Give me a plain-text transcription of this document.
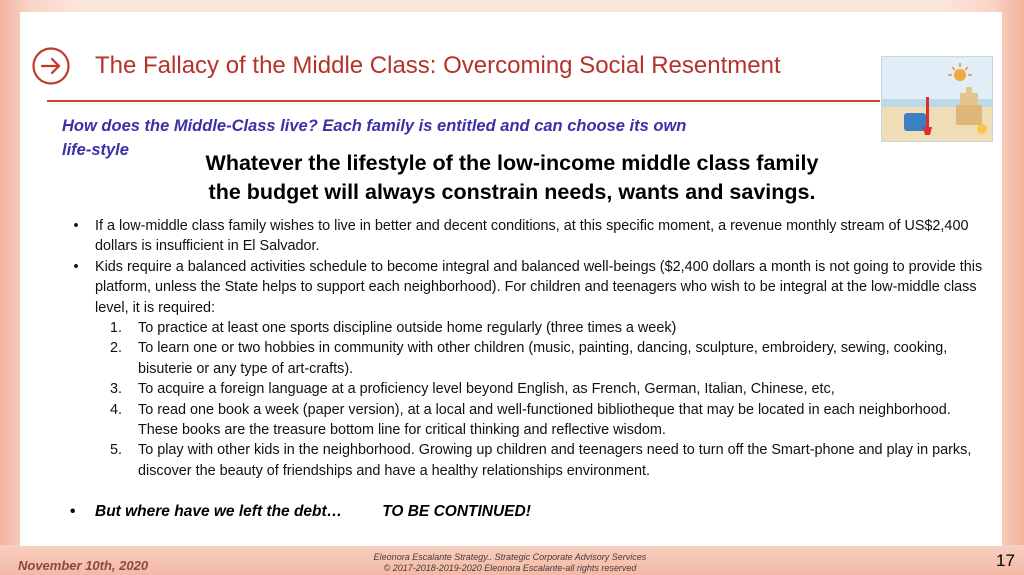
The Fallacy of the Middle Class: Overcoming Social Resentment
How does the Middle-Class live? Each family is entitled and can choose its own
life-style
Whatever the lifestyle of the low-income middle class family
the budget will always constrain needs, wants and savings.
• If a low-middle class family wishes to live in better and decent conditions, at this specific moment, a revenue monthly stream of US$2,400 dollars is insufficient in El Salvador.
• Kids require a balanced activities schedule to become integral and balanced well-beings ($2,400 dollars a month is not going to provide this platform, unless the State helps to support each neighborhood). For children and teenagers who wish to be integral at the low-middle class level, it is required:
1.	To practice at least one sports discipline outside home regularly (three times a week)
2.	To learn one or two hobbies in community with other children (music, painting, dancing, sculpture, embroidery, sewing, cooking, bisuterie or any type of art-crafts).
3.	To acquire a foreign language at a proficiency level beyond English, as French, German, Italian, Chinese, etc,
4.	To read one book a week (paper version), at a local and well-functioned bibliotheque that may be located in each neighborhood. These books are the treasure bottom line for critical thinking and reflective wisdom.
5.	To play with other kids in the neighborhood. Growing up children and teenagers need to turn off the Smart-phone and play in parks, discover the beauty of friendships and have a healthy relationships environment.
• But where have we left the debt…	TO BE CONTINUED!
November 10th, 2020
Eleonora Escalante Strategy.. Strategic Corporate Advisory Services
© 2017-2018-2019-2020 Eleonora Escalante-all rights reserved	17
